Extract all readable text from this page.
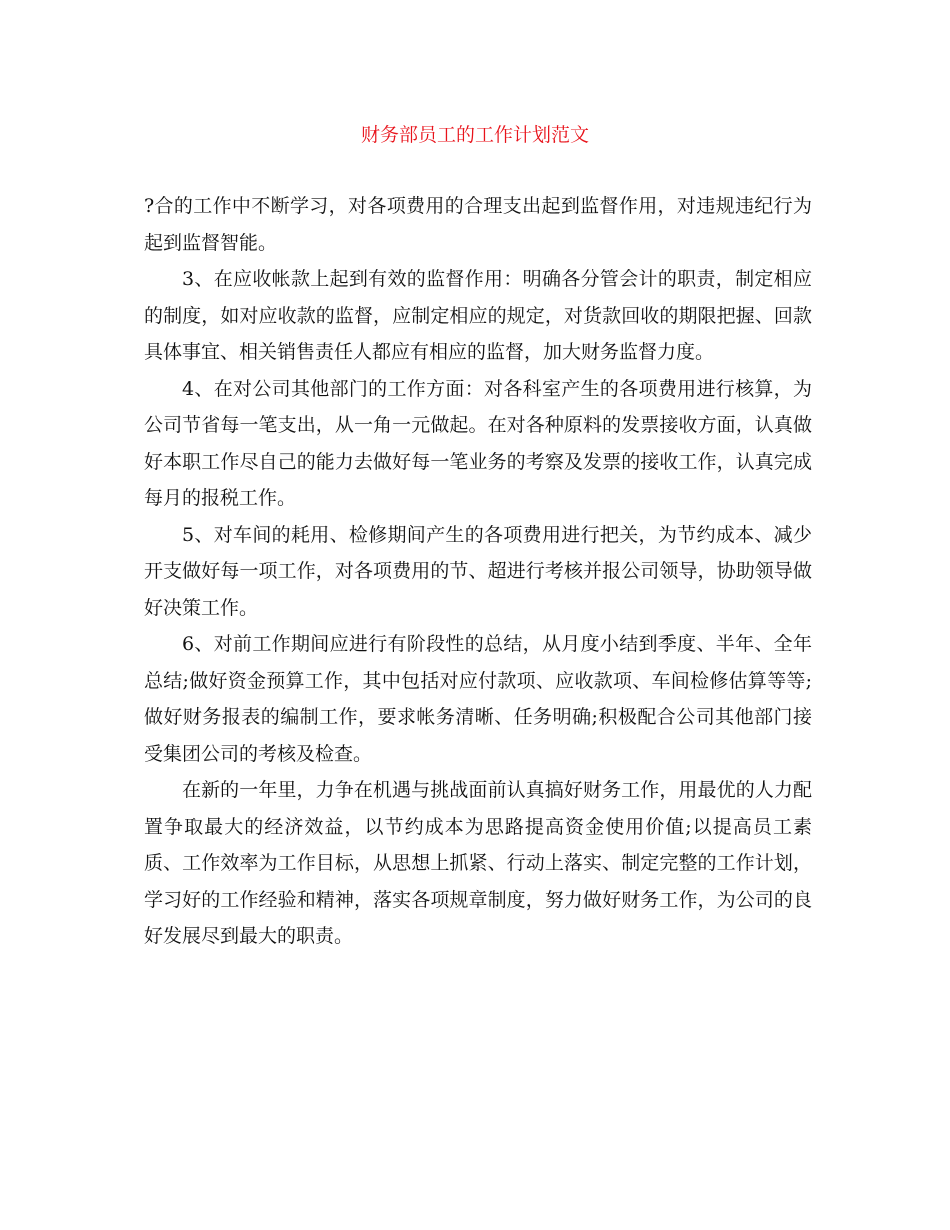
财务部员工的工作计划范文

?合的工作中不断学习，对各项费用的合理支出起到监督作用，对违规违纪行为起到监督智能。

3、在应收帐款上起到有效的监督作用：明确各分管会计的职责，制定相应的制度，如对应收款的监督，应制定相应的规定，对货款回收的期限把握、回款具体事宜、相关销售责任人都应有相应的监督，加大财务监督力度。

4、在对公司其他部门的工作方面：对各科室产生的各项费用进行核算，为公司节省每一笔支出，从一角一元做起。在对各种原料的发票接收方面，认真做好本职工作尽自己的能力去做好每一笔业务的考察及发票的接收工作，认真完成每月的报税工作。

5、对车间的耗用、检修期间产生的各项费用进行把关，为节约成本、减少开支做好每一项工作，对各项费用的节、超进行考核并报公司领导，协助领导做好决策工作。

6、对前工作期间应进行有阶段性的总结，从月度小结到季度、半年、全年总结;做好资金预算工作，其中包括对应付款项、应收款项、车间检修估算等等;做好财务报表的编制工作，要求帐务清晰、任务明确;积极配合公司其他部门接受集团公司的考核及检查。

在新的一年里，力争在机遇与挑战面前认真搞好财务工作，用最优的人力配置争取最大的经济效益，以节约成本为思路提高资金使用价值;以提高员工素质、工作效率为工作目标，从思想上抓紧、行动上落实、制定完整的工作计划，学习好的工作经验和精神，落实各项规章制度，努力做好财务工作，为公司的良好发展尽到最大的职责。
